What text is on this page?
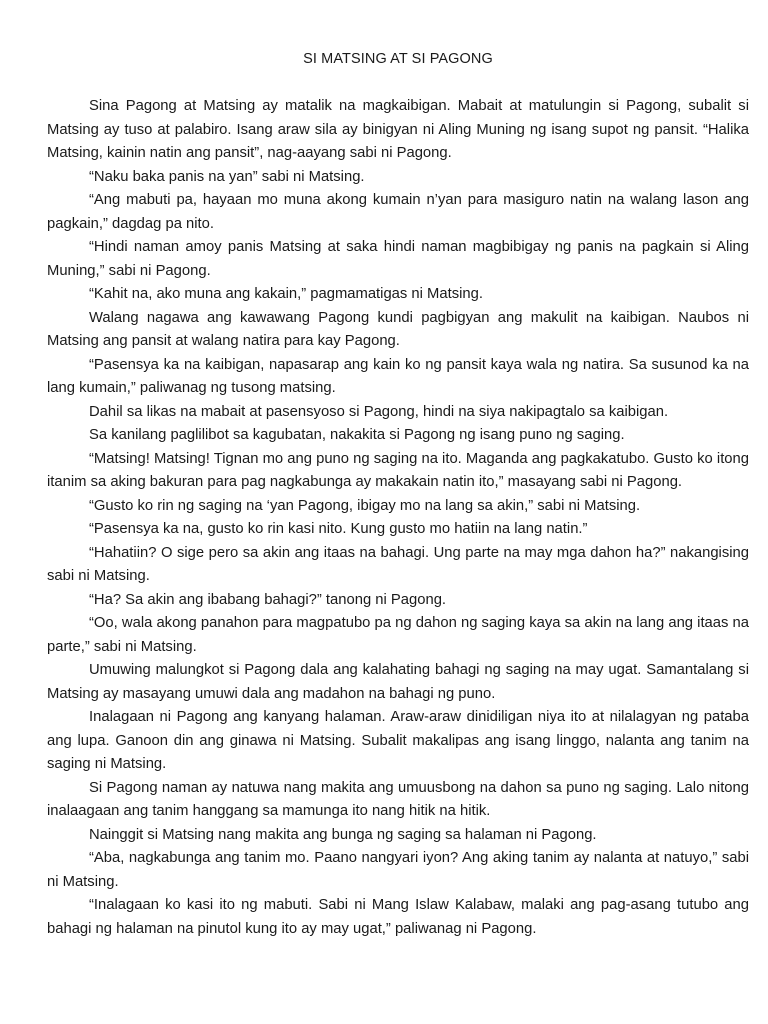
SI MATSING AT SI PAGONG

Sina Pagong at Matsing ay matalik na magkaibigan. Mabait at matulungin si Pagong, subalit si Matsing ay tuso at palabiro. Isang araw sila ay binigyan ni Aling Muning ng isang supot ng pansit. “Halika Matsing, kainin natin ang pansit”, nag-aayang sabi ni Pagong.

“Naku baka panis na yan” sabi ni Matsing.

“Ang mabuti pa, hayaan mo muna akong kumain n’yan para masiguro natin na walang lason ang pagkain,” dagdag pa nito.

“Hindi naman amoy panis Matsing at saka hindi naman magbibigay ng panis na pagkain si Aling Muning,” sabi ni Pagong.

“Kahit na, ako muna ang kakain,” pagmamatigas ni Matsing.

Walang nagawa ang kawawang Pagong kundi pagbigyan ang makulit na kaibigan. Naubos ni Matsing ang pansit at walang natira para kay Pagong.

“Pasensya ka na kaibigan, napasarap ang kain ko ng pansit kaya wala ng natira. Sa susunod ka na lang kumain,” paliwanag ng tusong matsing.

Dahil sa likas na mabait at pasensyoso si Pagong, hindi na siya nakipagtalo sa kaibigan.

Sa kanilang paglilibot sa kagubatan, nakakita si Pagong ng isang puno ng saging.

“Matsing! Matsing! Tignan mo ang puno ng saging na ito. Maganda ang pagkakatubo. Gusto ko itong itanim sa aking bakuran para pag nagkabunga ay makakain natin ito,” masayang sabi ni Pagong.

“Gusto ko rin ng saging na ‘yan Pagong, ibigay mo na lang sa akin,” sabi ni Matsing.

“Pasensya ka na, gusto ko rin kasi nito. Kung gusto mo hatiin na lang natin.”

“Hahatiin? O sige pero sa akin ang itaas na bahagi. Ung parte na may mga dahon ha?” nakangising sabi ni Matsing.

“Ha? Sa akin ang ibabang bahagi?” tanong ni Pagong.

“Oo, wala akong panahon para magpatubo pa ng dahon ng saging kaya sa akin na lang ang itaas na parte,” sabi ni Matsing.

Umuwing malungkot si Pagong dala ang kalahating bahagi ng saging na may ugat. Samantalang si Matsing ay masayang umuwi dala ang madahon na bahagi ng puno.

Inalagaan ni Pagong ang kanyang halaman. Araw-araw dinidiligan niya ito at nilalagyan ng pataba ang lupa. Ganoon din ang ginawa ni Matsing. Subalit makalipas ang isang linggo, nalanta ang tanim na saging ni Matsing.

Si Pagong naman ay natuwa nang makita ang umuusbong na dahon sa puno ng saging. Lalo nitong inalaagaan ang tanim hanggang sa mamunga ito nang hitik na hitik.

Nainggit si Matsing nang makita ang bunga ng saging sa halaman ni Pagong.

“Aba, nagkabunga ang tanim mo. Paano nangyari iyon? Ang aking tanim ay nalanta at natuyo,” sabi ni Matsing.

“Inalagaan ko kasi ito ng mabuti. Sabi ni Mang Islaw Kalabaw, malaki ang pag-asang tutubo ang bahagi ng halaman na pinutol kung ito ay may ugat,” paliwanag ni Pagong.
